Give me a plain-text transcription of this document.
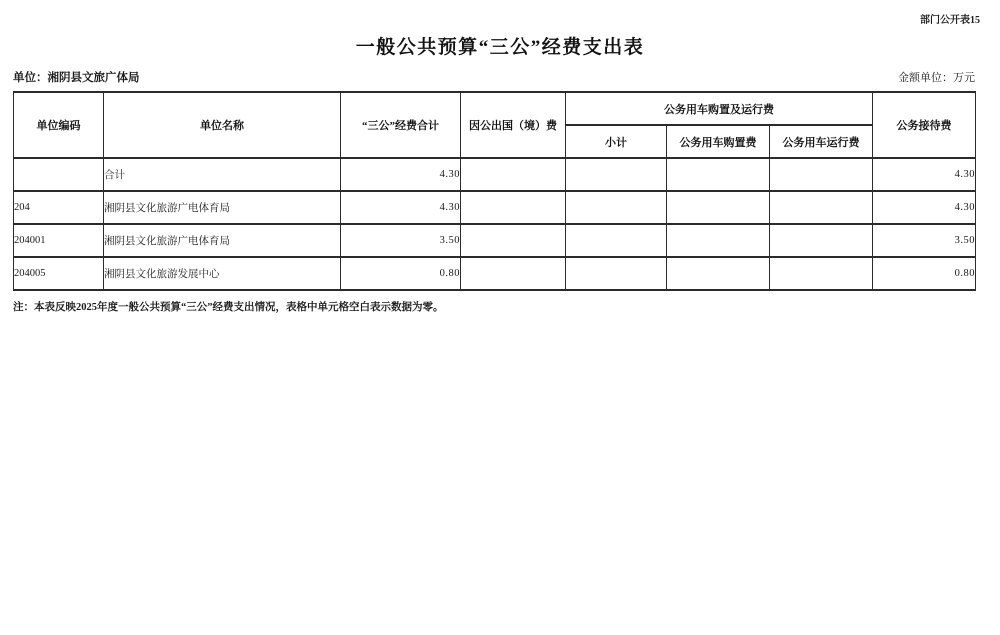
部门公开表15
一般公共预算“三公”经费支出表
单位：湘阴县文旅广体局	金额单位：万元
单位编码	单位名称	“三公”经费合计	因公出国（境）费	公务用车购置及运行费			公务接待费
				小计	公务用车购置费	公务用车运行费	
	合计	4.30					4.30
204	湘阴县文化旅游广电体育局	4.30					4.30
204001	湘阴县文化旅游广电体育局	3.50					3.50
204005	湘阴县文化旅游发展中心	0.80					0.80
注：本表反映2025年度一般公共预算“三公”经费支出情况，表格中单元格空白表示数据为零。
